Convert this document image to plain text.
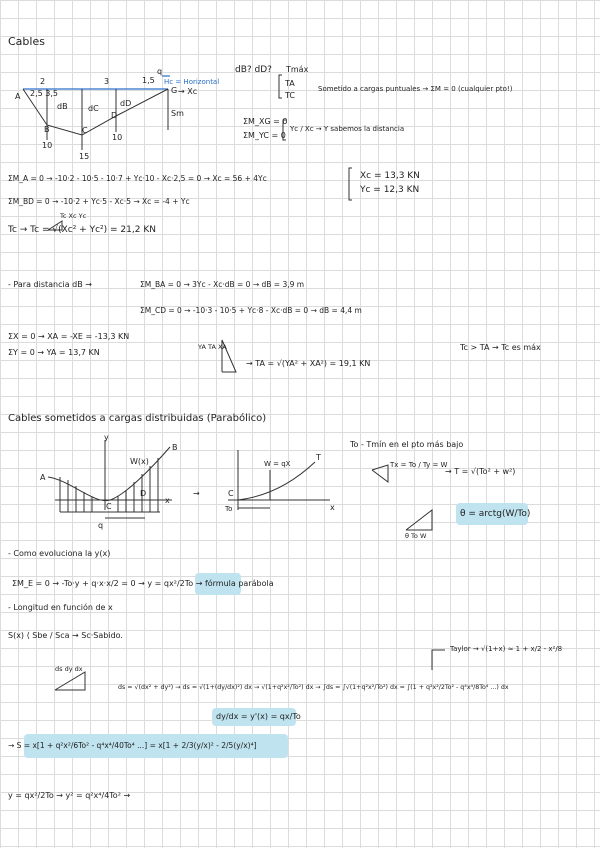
Cables
A
B	C
D
G
2	3
2,5 3,5
1,5
q
dB	dC
dD
Sm
10
15
10
Hc = Horizontal
→ Xc
dB? dD? Tmáx
TA
TC
Sometido a cargas puntuales → ΣM = 0 (cualquier pto!)
ΣM_XG = 0
ΣM_YC = 0
Yc / Xc → Y sabemos la distancia
ΣM_A = 0 → -10·2 - 10·5 - 10·7 + Yc·10 - Xc·2,5 = 0 → Xc = 56 + 4Yc
ΣM_BD = 0 → -10·2 + Yc·5 - Xc·5 → Xc = -4 + Yc
Xc = 13,3 KN
Yc = 12,3 KN
Tc → Tc = √(Xc² + Yc²) = 21,2 KN
Tc Xc Yc
- Para distancia dB →	ΣM_BA = 0 → 3Yc - Xc·dB = 0 → dB = 3,9 m
ΣM_CD = 0 → -10·3 - 10·5 + Yc·8 - Xc·dB = 0 → dB = 4,4 m
ΣX = 0 → XA = -XE = -13,3 KN
ΣY = 0 → YA = 13,7 KN
→ TA = √(YA² + XA²) = 19,1 KN
YA TA XA	Tc > TA → Tc es máx
Cables sometidos a cargas distribuidas (Parabólico)
To - Tmín en el pto más bajo
A
B
C
D
W(x)
x
y
q
→	C
T
W = qX
To	x
Tx = To / Ty = W
→ T = √(To² + w²)
θ = arctg(W/To)
θ To W
- Como evoluciona la y(x)
ΣM_E = 0 → -To·y + q·x·x/2 = 0 → y = qx²/2To → fórmula parábola
- Longitud en función de x
S(x) ⟨ Sbe / Sca → Sc·Sabido.
Taylor → √(1+x) ≈ 1 + x/2 - x²/8
ds dy dx
ds = √(dx² + dy²) → ds = √(1+(dy/dx)²) dx → √(1+q²x²/To²) dx → ∫ds = ∫√(1+q²x²/To²) dx = ∫(1 + q²x²/2To² - q⁴x⁴/8To⁴ ...) dx
dy/dx = y'(x) = qx/To
→ S = x[1 + q²x²/6To² - q⁴x⁴/40To⁴ ...] = x[1 + 2/3(y/x)² - 2/5(y/x)⁴]
y = qx²/2To → y² = q²x⁴/4To² →
